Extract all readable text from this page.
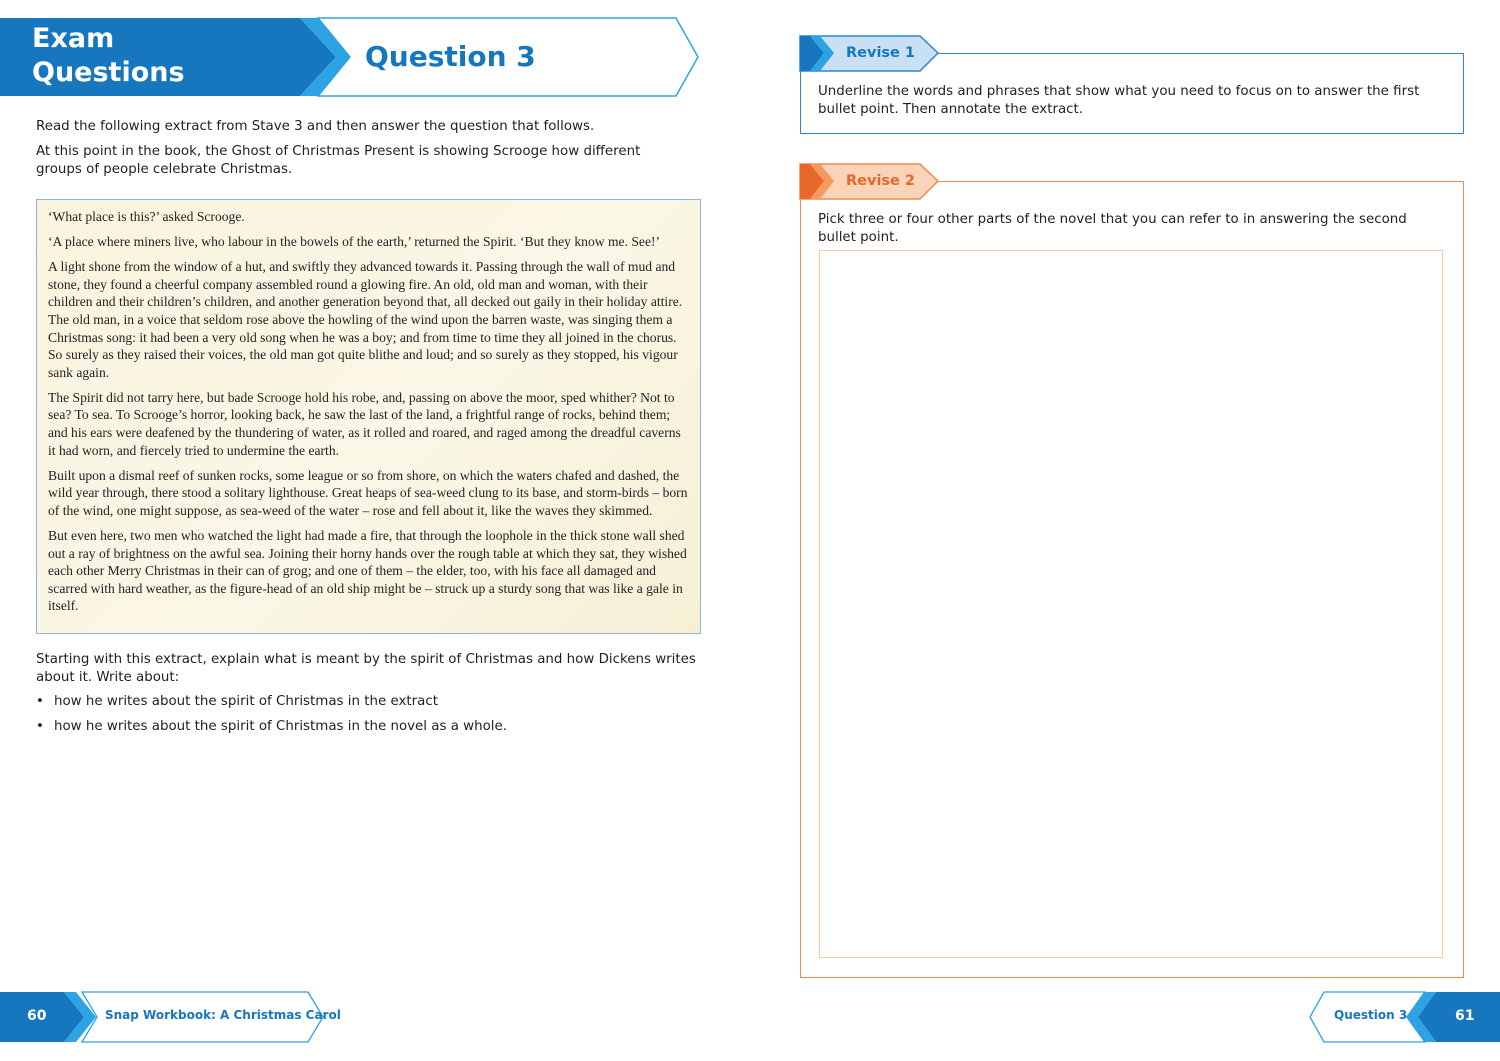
Exam
Questions	Question 3

Read the following extract from Stave 3 and then answer the question that follows.

At this point in the book, the Ghost of Christmas Present is showing Scrooge how different groups of people celebrate Christmas.

‘What place is this?’ asked Scrooge.

‘A place where miners live, who labour in the bowels of the earth,’ returned the Spirit. ‘But they know me. See!’

A light shone from the window of a hut, and swiftly they advanced towards it. Passing through the wall of mud and stone, they found a cheerful company assembled round a glowing fire. An old, old man and woman, with their children and their children’s children, and another generation beyond that, all decked out gaily in their holiday attire. The old man, in a voice that seldom rose above the howling of the wind upon the barren waste, was singing them a Christmas song: it had been a very old song when he was a boy; and from time to time they all joined in the chorus. So surely as they raised their voices, the old man got quite blithe and loud; and so surely as they stopped, his vigour sank again.

The Spirit did not tarry here, but bade Scrooge hold his robe, and, passing on above the moor, sped whither? Not to sea? To sea. To Scrooge’s horror, looking back, he saw the last of the land, a frightful range of rocks, behind them; and his ears were deafened by the thundering of water, as it rolled and roared, and raged among the dreadful caverns it had worn, and fiercely tried to undermine the earth.

Built upon a dismal reef of sunken rocks, some league or so from shore, on which the waters chafed and dashed, the wild year through, there stood a solitary lighthouse. Great heaps of sea-weed clung to its base, and storm-birds – born of the wind, one might suppose, as sea-weed of the water – rose and fell about it, like the waves they skimmed.

But even here, two men who watched the light had made a fire, that through the loophole in the thick stone wall shed out a ray of brightness on the awful sea. Joining their horny hands over the rough table at which they sat, they wished each other Merry Christmas in their can of grog; and one of them – the elder, too, with his face all damaged and scarred with hard weather, as the figure-head of an old ship might be – struck up a sturdy song that was like a gale in itself.

Starting with this extract, explain what is meant by the spirit of Christmas and how Dickens writes about it. Write about:

• how he writes about the spirit of Christmas in the extract
• how he writes about the spirit of Christmas in the novel as a whole.
Revise 1

Underline the words and phrases that show what you need to focus on to answer the first bullet point. Then annotate the extract.

Revise 2

Pick three or four other parts of the novel that you can refer to in answering the second bullet point.

60	Snap Workbook: A Christmas Carol	Question 3	61
